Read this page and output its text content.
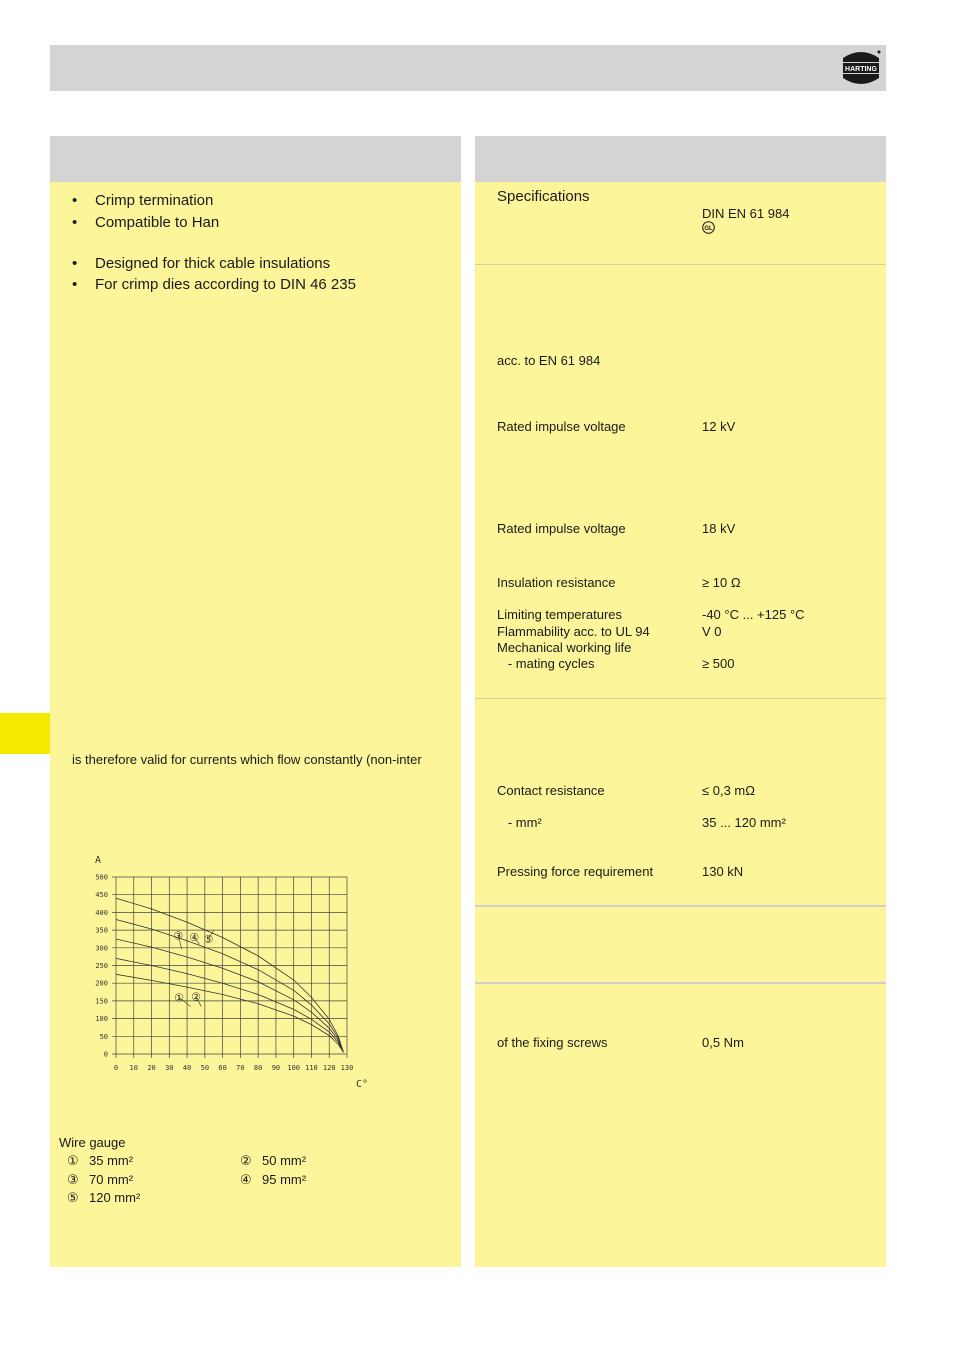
HARTING
• Crimp termination
• Compatible to Han
• Designed for thick cable insulations
• For crimp dies according to DIN 46 235
is therefore valid for currents which flow constantly (non-inter
0 10 20 30 40 50 60 70 80 90 100 110 120 130
0
50
100
150
200
250
300
350
400
450
500
A
C°
① ②
③ ④ ⑤
Wire gauge
① 35 mm²	② 50 mm²
③ 70 mm²	④ 95 mm²
⑤ 120 mm²
Specifications
DIN EN 61 984
GL
acc. to EN 61 984
Rated impulse voltage	12 kV
Rated impulse voltage	18 kV
Insulation resistance	≥ 10 Ω
Limiting temperatures	-40 °C ... +125 °C
Flammability acc. to UL 94	V 0
Mechanical working life
- mating cycles	≥ 500
Contact resistance	≤ 0,3 mΩ
- mm²	35 ... 120 mm²
Pressing force requirement	130 kN
of the fixing screws	0,5 Nm
